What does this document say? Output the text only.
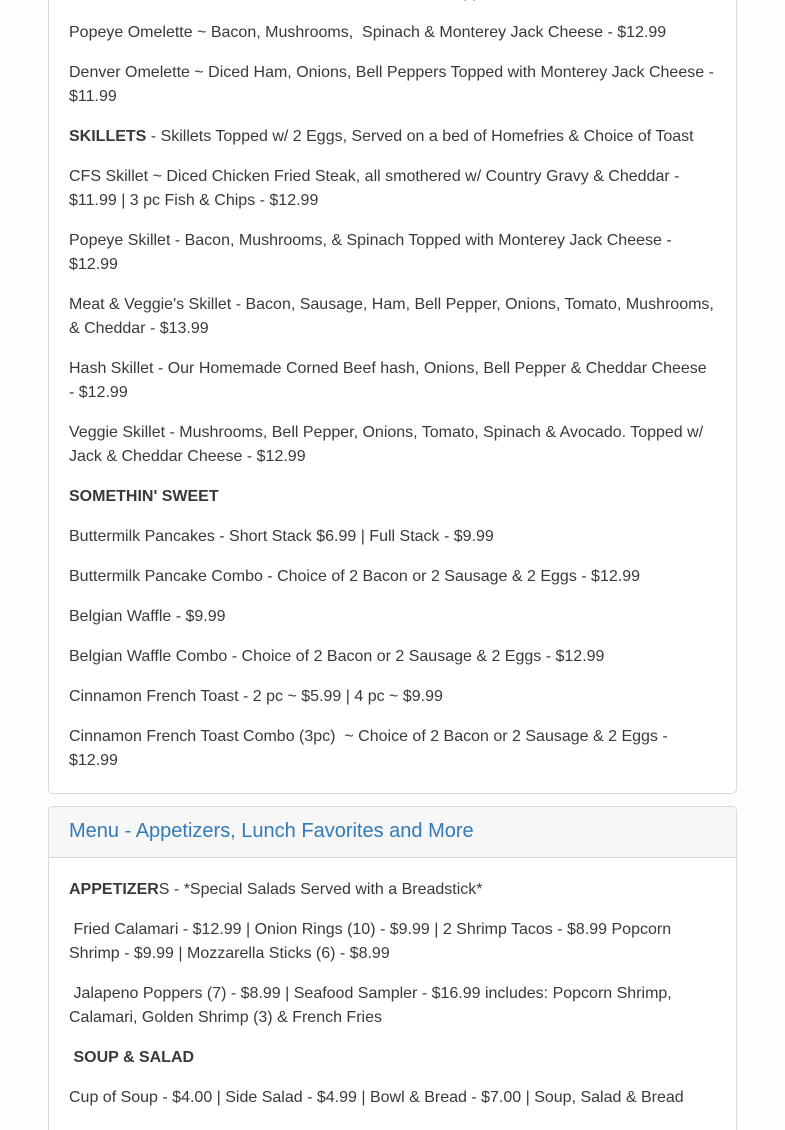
Popeye Omelette ~ Bacon, Mushrooms,  Spinach & Monterey Jack Cheese - $12.99

Denver Omelette ~ Diced Ham, Onions, Bell Peppers Topped with Monterey Jack Cheese - $11.99

SKILLETS - Skillets Topped w/ 2 Eggs, Served on a bed of Homefries & Choice of Toast

CFS Skillet ~ Diced Chicken Fried Steak, all smothered w/ Country Gravy & Cheddar - $11.99 | 3 pc Fish & Chips - $12.99

Popeye Skillet - Bacon, Mushrooms, & Spinach Topped with Monterey Jack Cheese - $12.99

Meat & Veggie's Skillet - Bacon, Sausage, Ham, Bell Pepper, Onions, Tomato, Mushrooms, & Cheddar - $13.99

Hash Skillet - Our Homemade Corned Beef hash, Onions, Bell Pepper & Cheddar Cheese - $12.99

Veggie Skillet - Mushrooms, Bell Pepper, Onions, Tomato, Spinach & Avocado. Topped w/ Jack & Cheddar Cheese - $12.99

SOMETHIN' SWEET

Buttermilk Pancakes - Short Stack $6.99 | Full Stack - $9.99

Buttermilk Pancake Combo - Choice of 2 Bacon or 2 Sausage & 2 Eggs - $12.99

Belgian Waffle - $9.99

Belgian Waffle Combo - Choice of 2 Bacon or 2 Sausage & 2 Eggs - $12.99

Cinnamon French Toast - 2 pc ~ $5.99 | 4 pc ~ $9.99

Cinnamon French Toast Combo (3pc)  ~ Choice of 2 Bacon or 2 Sausage & 2 Eggs - $12.99

Menu - Appetizers, Lunch Favorites and More

APPETIZERS - *Special Salads Served with a Breadstick*

Fried Calamari - $12.99 | Onion Rings (10) - $9.99 | 2 Shrimp Tacos - $8.99 Popcorn Shrimp - $9.99 | Mozzarella Sticks (6) - $8.99

Jalapeno Poppers (7) - $8.99 | Seafood Sampler - $16.99 includes: Popcorn Shrimp, Calamari, Golden Shrimp (3) & French Fries

SOUP & SALAD

Cup of Soup - $4.00 | Side Salad - $4.99 | Bowl & Bread - $7.00 | Soup, Salad & Bread
